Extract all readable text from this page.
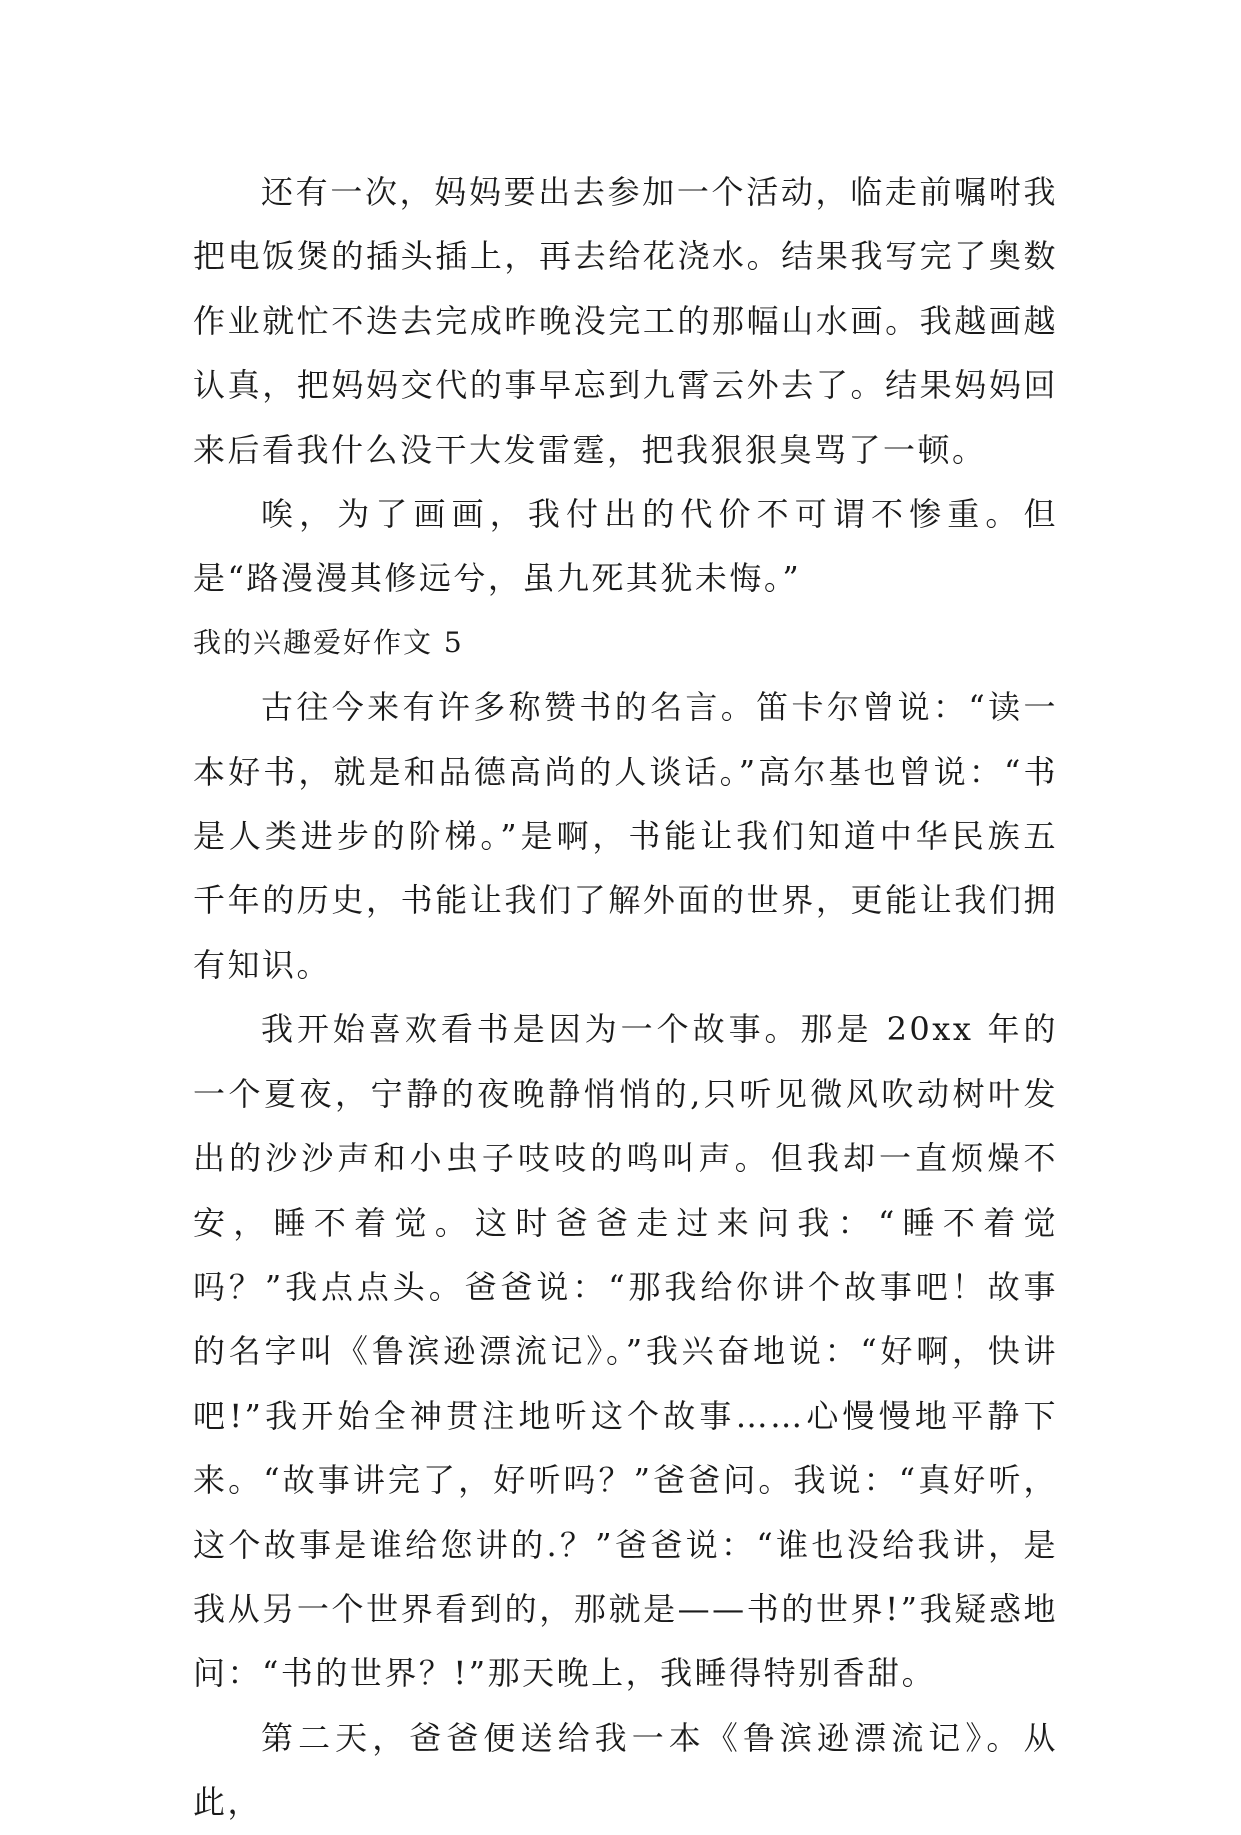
还有一次，妈妈要出去参加一个活动，临走前嘱咐我把电饭煲的插头插上，再去给花浇水。结果我写完了奥数作业就忙不迭去完成昨晚没完工的那幅山水画。我越画越认真，把妈妈交代的事早忘到九霄云外去了。结果妈妈回来后看我什么没干大发雷霆，把我狠狠臭骂了一顿。

唉，为了画画，我付出的代价不可谓不惨重。但是“路漫漫其修远兮，虽九死其犹未悔。”

我的兴趣爱好作文 5

古往今来有许多称赞书的名言。笛卡尔曾说：“读一本好书，就是和品德高尚的人谈话。”高尔基也曾说：“书是人类进步的阶梯。”是啊，书能让我们知道中华民族五千年的历史，书能让我们了解外面的世界，更能让我们拥有知识。

我开始喜欢看书是因为一个故事。那是 20xx 年的一个夏夜，宁静的夜晚静悄悄的,只听见微风吹动树叶发出的沙沙声和小虫子吱吱的鸣叫声。但我却一直烦燥不安，睡不着觉。这时爸爸走过来问我：“睡不着觉吗？”我点点头。爸爸说：“那我给你讲个故事吧！故事的名字叫《鲁滨逊漂流记》。”我兴奋地说：“好啊，快讲吧!”我开始全神贯注地听这个故事……心慢慢地平静下来。“故事讲完了，好听吗？”爸爸问。我说：“真好听，这个故事是谁给您讲的.？”爸爸说：“谁也没给我讲，是我从另一个世界看到的，那就是——书的世界!”我疑惑地问：“书的世界？!”那天晚上，我睡得特别香甜。

第二天，爸爸便送给我一本《鲁滨逊漂流记》。从此，
